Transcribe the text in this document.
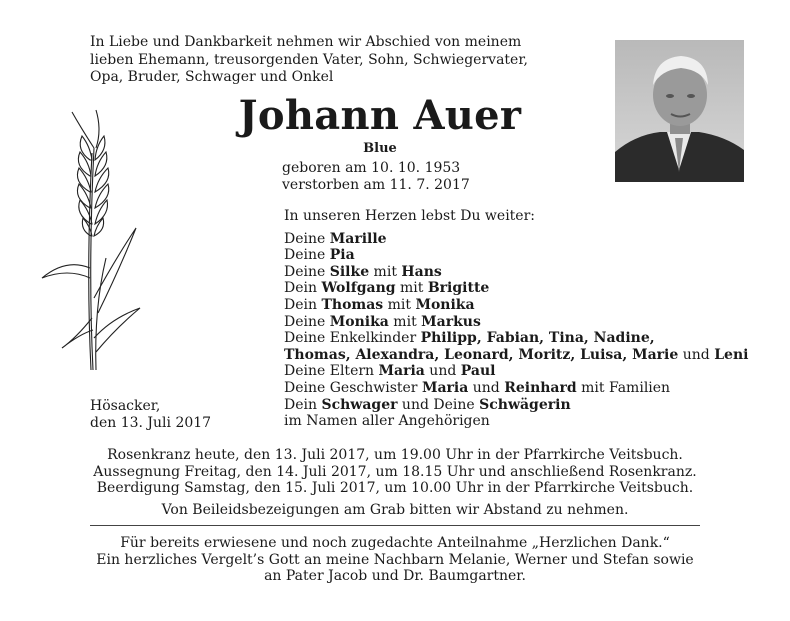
In Liebe und Dankbarkeit nehmen wir Abschied von meinem
lieben Ehemann, treusorgenden Vater, Sohn, Schwiegervater,
Opa, Bruder, Schwager und Onkel
Johann Auer
Blue
geboren am 10. 10. 1953
verstorben am 11. 7. 2017
In unseren Herzen lebst Du weiter:
Deine Marille
Deine Pia
Deine Silke mit Hans
Dein Wolfgang mit Brigitte
Dein Thomas mit Monika
Deine Monika mit Markus
Deine Enkelkinder Philipp, Fabian, Tina, Nadine,
Thomas, Alexandra, Leonard, Moritz, Luisa, Marie und Leni
Deine Eltern Maria und Paul
Deine Geschwister Maria und Reinhard mit Familien
Dein Schwager und Deine Schwägerin
im Namen aller Angehörigen
Hösacker,
den 13. Juli 2017
Rosenkranz heute, den 13. Juli 2017, um 19.00 Uhr in der Pfarrkirche Veitsbuch.
Aussegnung Freitag, den 14. Juli 2017, um 18.15 Uhr und anschließend Rosenkranz.
Beerdigung Samstag, den 15. Juli 2017, um 10.00 Uhr in der Pfarrkirche Veitsbuch.
Von Beileidsbezeigungen am Grab bitten wir Abstand zu nehmen.
Für bereits erwiesene und noch zugedachte Anteilnahme „Herzlichen Dank.“
Ein herzliches Vergelt’s Gott an meine Nachbarn Melanie, Werner und Stefan sowie
an Pater Jacob und Dr. Baumgartner.
